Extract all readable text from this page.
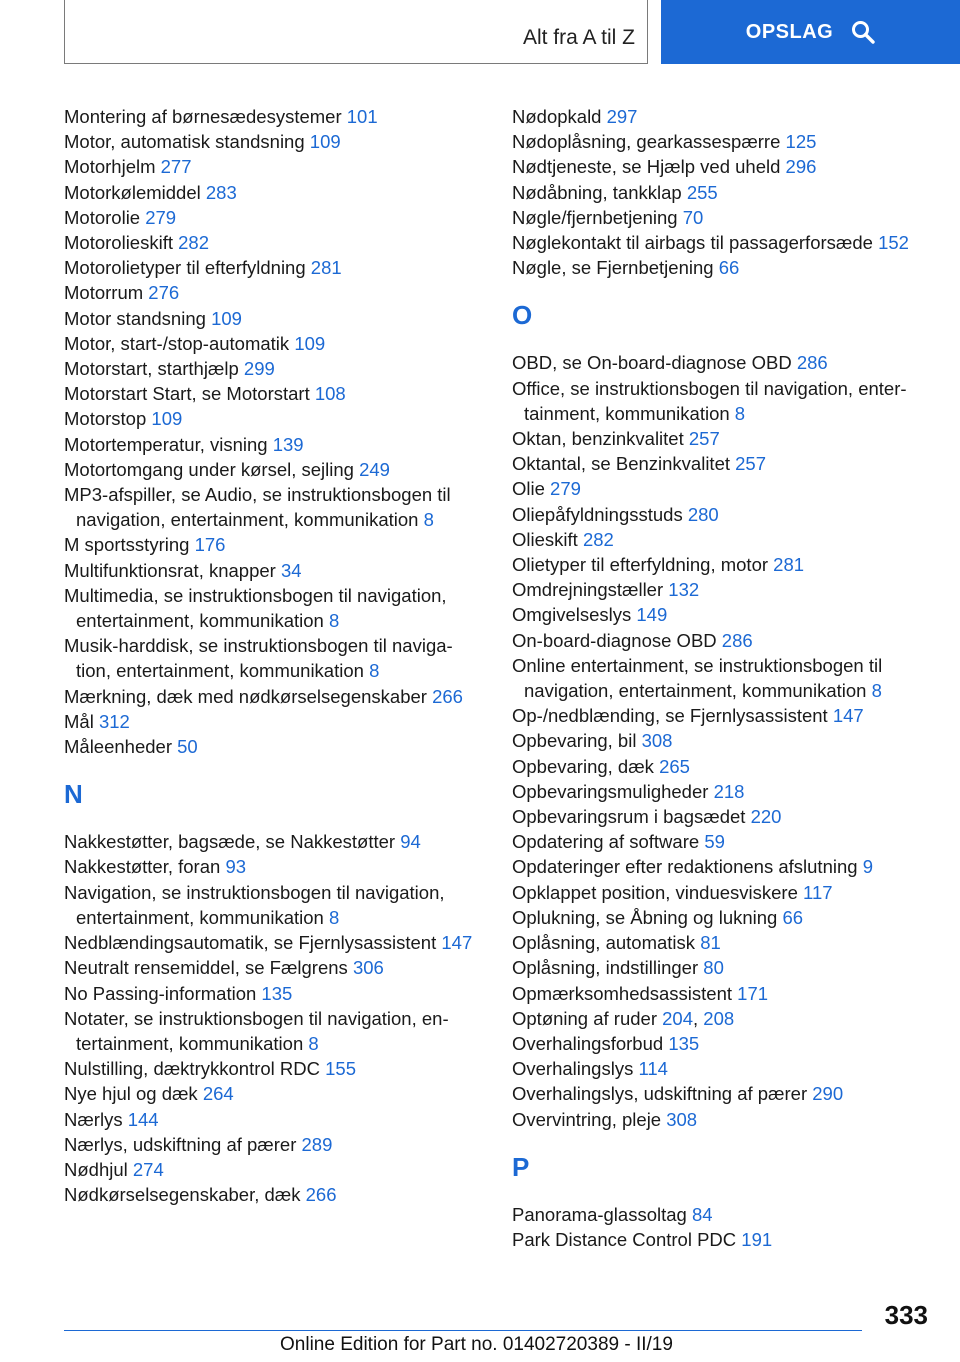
Alt fra A til Z	OPSLAG
Montering af børnesædesystemer 101
Motor, automatisk standsning 109
Motorhjelm 277
Motorkølemiddel 283
Motorolie 279
Motorolieskift 282
Motorolietyper til efterfyldning 281
Motorrum 276
Motor standsning 109
Motor, start-/stop-automatik 109
Motorstart, starthjælp 299
Motorstart Start, se Motorstart 108
Motorstop 109
Motortemperatur, visning 139
Motortomgang under kørsel, sejling 249
MP3-afspiller, se Audio, se instruktionsbogen til navigation, entertainment, kommunikation 8
M sportsstyring 176
Multifunktionsrat, knapper 34
Multimedia, se instruktionsbogen til navigation, entertainment, kommunikation 8
Musik-harddisk, se instruktionsbogen til navigation, entertainment, kommunikation 8
Mærkning, dæk med nødkørselsegenskaber 266
Mål 312
Måleenheder 50
N
Nakkestøtter, bagsæde, se Nakkestøtter 94
Nakkestøtter, foran 93
Navigation, se instruktionsbogen til navigation, entertainment, kommunikation 8
Nedblændingsautomatik, se Fjernlysassistent 147
Neutralt rensemiddel, se Fælgrens 306
No Passing-information 135
Notater, se instruktionsbogen til navigation, entertainment, kommunikation 8
Nulstilling, dæktrykkontrol RDC 155
Nye hjul og dæk 264
Nærlys 144
Nærlys, udskiftning af pærer 289
Nødhjul 274
Nødkørselsegenskaber, dæk 266
Nødopkald 297
Nødoplåsning, gearkassespærre 125
Nødtjeneste, se Hjælp ved uheld 296
Nødåbning, tankklap 255
Nøgle/fjernbetjening 70
Nøglekontakt til airbags til passagerforsæde 152
Nøgle, se Fjernbetjening 66
O
OBD, se On-board-diagnose OBD 286
Office, se instruktionsbogen til navigation, entertainment, kommunikation 8
Oktan, benzinkvalitet 257
Oktantal, se Benzinkvalitet 257
Olie 279
Oliepåfyldningsstuds 280
Olieskift 282
Olietyper til efterfyldning, motor 281
Omdrejningstæller 132
Omgivelseslys 149
On-board-diagnose OBD 286
Online entertainment, se instruktionsbogen til navigation, entertainment, kommunikation 8
Op-/nedblænding, se Fjernlysassistent 147
Opbevaring, bil 308
Opbevaring, dæk 265
Opbevaringsmuligheder 218
Opbevaringsrum i bagsædet 220
Opdatering af software 59
Opdateringer efter redaktionens afslutning 9
Opklappet position, vinduesviskere 117
Oplukning, se Åbning og lukning 66
Oplåsning, automatisk 81
Oplåsning, indstillinger 80
Opmærksomhedsassistent 171
Optøning af ruder 204, 208
Overhalingsforbud 135
Overhalingslys 114
Overhalingslys, udskiftning af pærer 290
Overvintring, pleje 308
P
Panorama-glassoltag 84
Park Distance Control PDC 191
333
Online Edition for Part no. 01402720389 - II/19
